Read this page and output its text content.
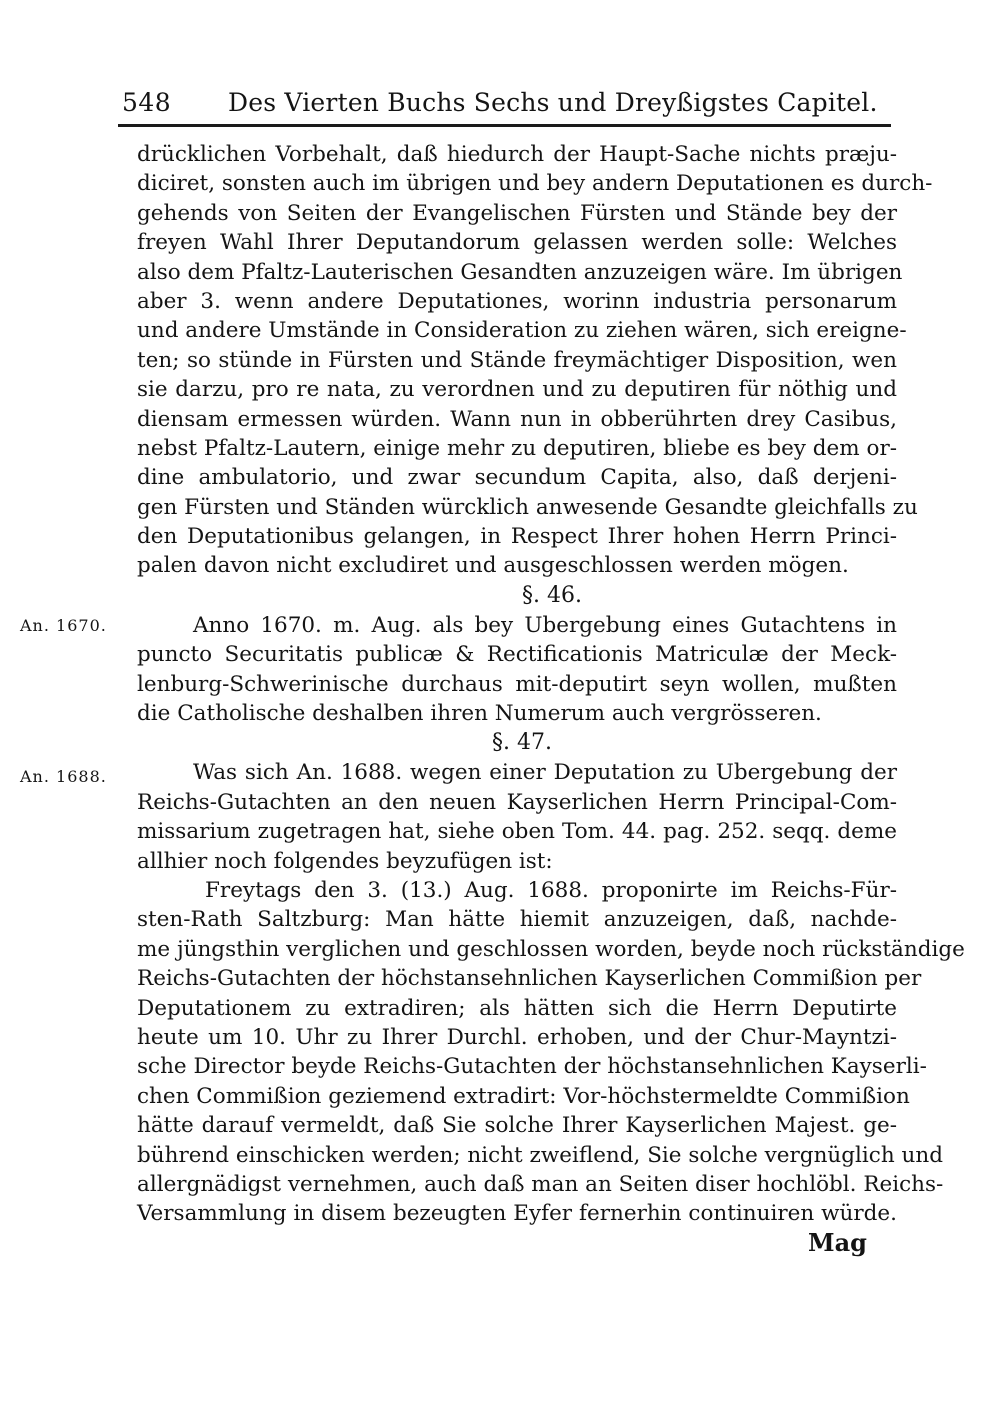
548 Des Vierten Buchs Sechs und Dreyßigstes Capitel.
drücklichen Vorbehalt, daß hiedurch der Haupt-Sache nichts præju-
diciret, sonsten auch im übrigen und bey andern Deputationen es durch-
gehends von Seiten der Evangelischen Fürsten und Stände bey der
freyen Wahl Ihrer Deputandorum gelassen werden solle: Welches
also dem Pfaltz-Lauterischen Gesandten anzuzeigen wäre. Im übrigen
aber 3. wenn andere Deputationes, worinn industria personarum
und andere Umstände in Consideration zu ziehen wären, sich ereigne-
ten; so stünde in Fürsten und Stände freymächtiger Disposition, wen
sie darzu, pro re nata, zu verordnen und zu deputiren für nöthig und
diensam ermessen würden. Wann nun in obberührten drey Casibus,
nebst Pfaltz-Lautern, einige mehr zu deputiren, bliebe es bey dem or-
dine ambulatorio, und zwar secundum Capita, also, daß derjeni-
gen Fürsten und Ständen würcklich anwesende Gesandte gleichfalls zu
den Deputationibus gelangen, in Respect Ihrer hohen Herrn Princi-
palen davon nicht excludiret und ausgeschlossen werden mögen.
§. 46.
Anno 1670. m. Aug. als bey Ubergebung eines Gutachtens in
puncto Securitatis publicæ & Rectificationis Matriculæ der Meck-
lenburg-Schwerinische durchaus mit-deputirt seyn wollen, mußten
die Catholische deshalben ihren Numerum auch vergrösseren.
§. 47.
Was sich An. 1688. wegen einer Deputation zu Ubergebung der
Reichs-Gutachten an den neuen Kayserlichen Herrn Principal-Com-
missarium zugetragen hat, siehe oben Tom. 44. pag. 252. seqq. deme
allhier noch folgendes beyzufügen ist:
Freytags den 3. (13.) Aug. 1688. proponirte im Reichs-Für-
sten-Rath Saltzburg: Man hätte hiemit anzuzeigen, daß, nachde-
me jüngsthin verglichen und geschlossen worden, beyde noch rückständige
Reichs-Gutachten der höchstansehnlichen Kayserlichen Commißion per
Deputationem zu extradiren; als hätten sich die Herrn Deputirte
heute um 10. Uhr zu Ihrer Durchl. erhoben, und der Chur-Mayntzi-
sche Director beyde Reichs-Gutachten der höchstansehnlichen Kayserli-
chen Commißion geziemend extradirt: Vor-höchstermeldte Commißion
hätte darauf vermeldt, daß Sie solche Ihrer Kayserlichen Majest. ge-
bührend einschicken werden; nicht zweiflend, Sie solche vergnüglich und
allergnädigst vernehmen, auch daß man an Seiten diser hochlöbl. Reichs-
Versammlung in disem bezeugten Eyfer fernerhin continuiren würde.
An. 1670.
An. 1688.
Mag
